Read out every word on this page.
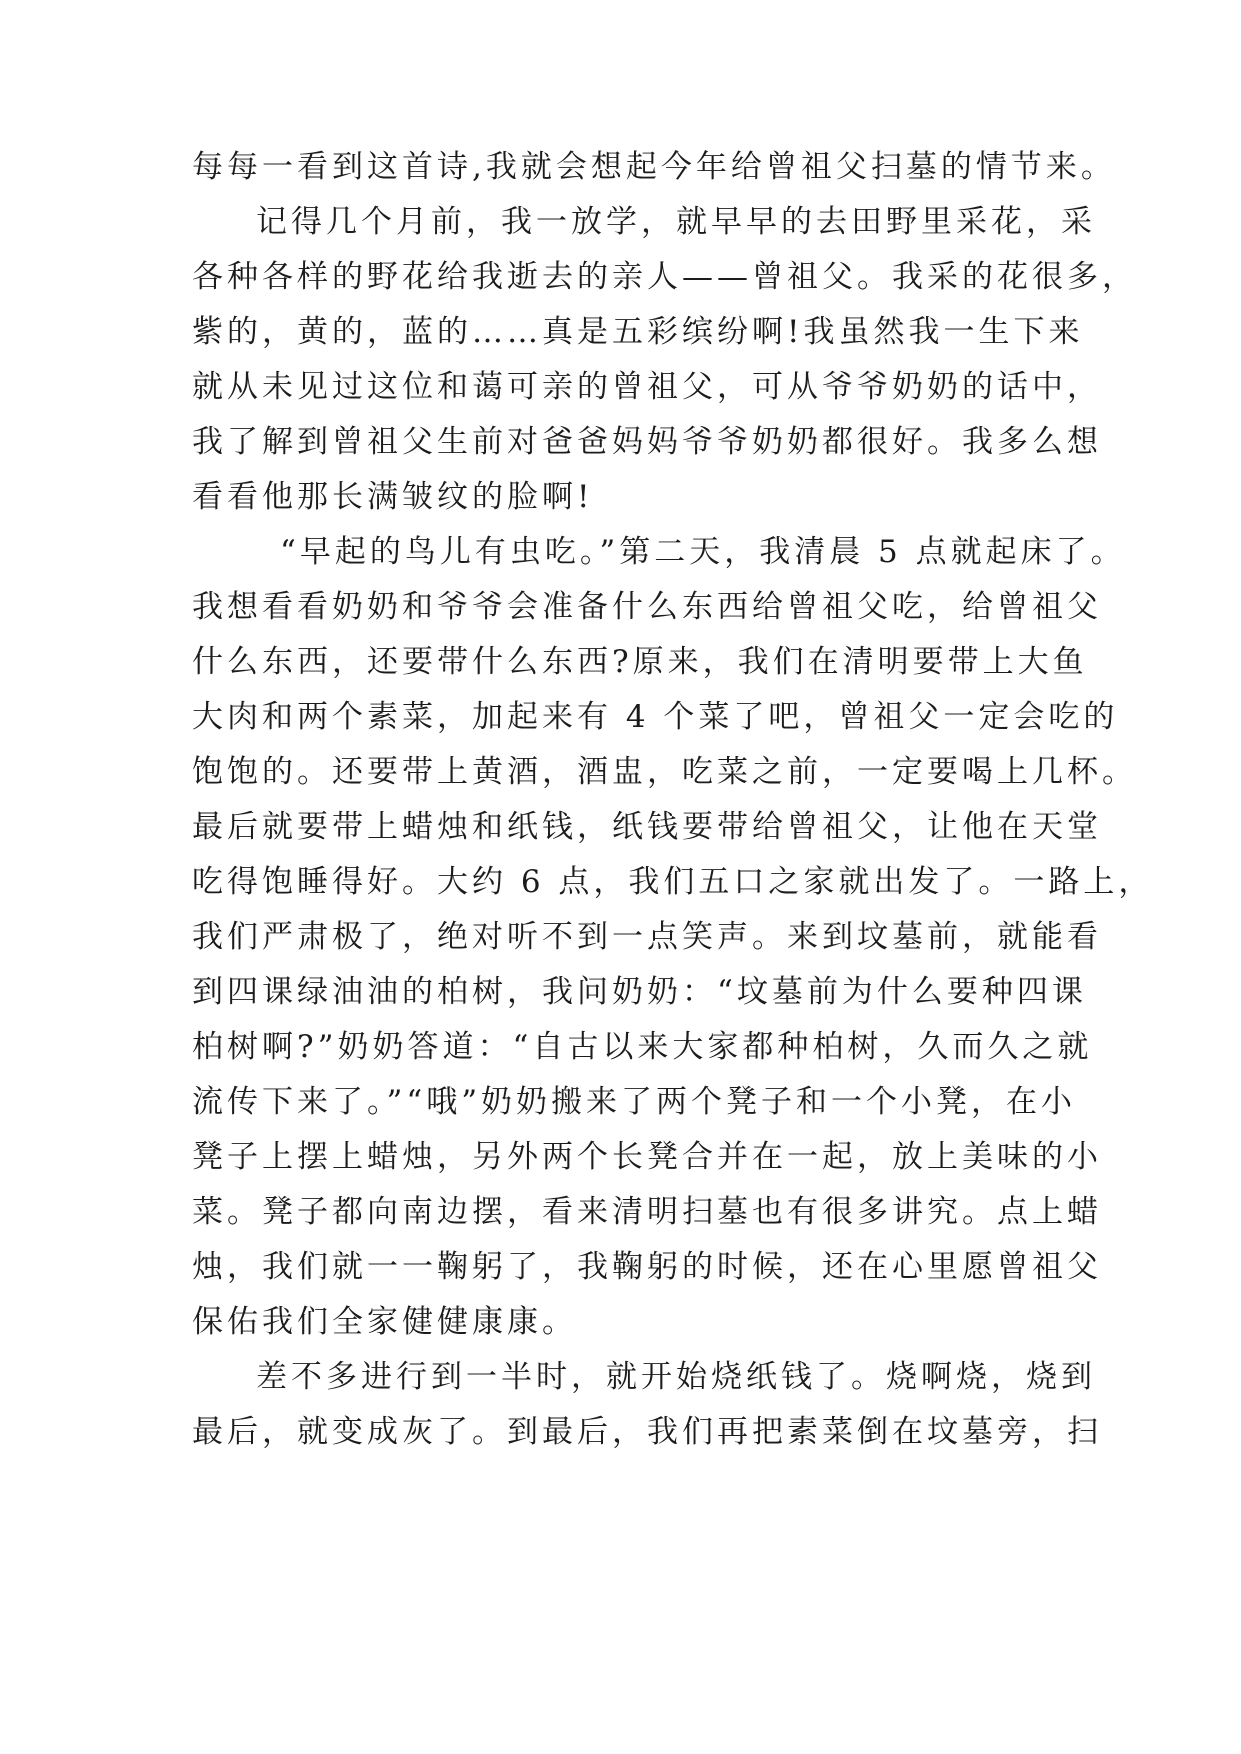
每每一看到这首诗,我就会想起今年给曾祖父扫墓的情节来。
记得几个月前，我一放学，就早早的去田野里采花，采
各种各样的野花给我逝去的亲人——曾祖父。我采的花很多，
紫的，黄的，蓝的……真是五彩缤纷啊!我虽然我一生下来
就从未见过这位和蔼可亲的曾祖父，可从爷爷奶奶的话中，
我了解到曾祖父生前对爸爸妈妈爷爷奶奶都很好。我多么想
看看他那长满皱纹的脸啊!
“早起的鸟儿有虫吃。”第二天，我清晨 5 点就起床了。
我想看看奶奶和爷爷会准备什么东西给曾祖父吃，给曾祖父
什么东西，还要带什么东西?原来，我们在清明要带上大鱼
大肉和两个素菜，加起来有 4 个菜了吧，曾祖父一定会吃的
饱饱的。还要带上黄酒，酒盅，吃菜之前，一定要喝上几杯。
最后就要带上蜡烛和纸钱，纸钱要带给曾祖父，让他在天堂
吃得饱睡得好。大约 6 点，我们五口之家就出发了。一路上，
我们严肃极了，绝对听不到一点笑声。来到坟墓前，就能看
到四课绿油油的柏树，我问奶奶：“坟墓前为什么要种四课
柏树啊?”奶奶答道：“自古以来大家都种柏树，久而久之就
流传下来了。”“哦”奶奶搬来了两个凳子和一个小凳，在小
凳子上摆上蜡烛，另外两个长凳合并在一起，放上美味的小
菜。凳子都向南边摆，看来清明扫墓也有很多讲究。点上蜡
烛，我们就一一鞠躬了，我鞠躬的时候，还在心里愿曾祖父
保佑我们全家健健康康。
差不多进行到一半时，就开始烧纸钱了。烧啊烧，烧到
最后，就变成灰了。到最后，我们再把素菜倒在坟墓旁，扫
